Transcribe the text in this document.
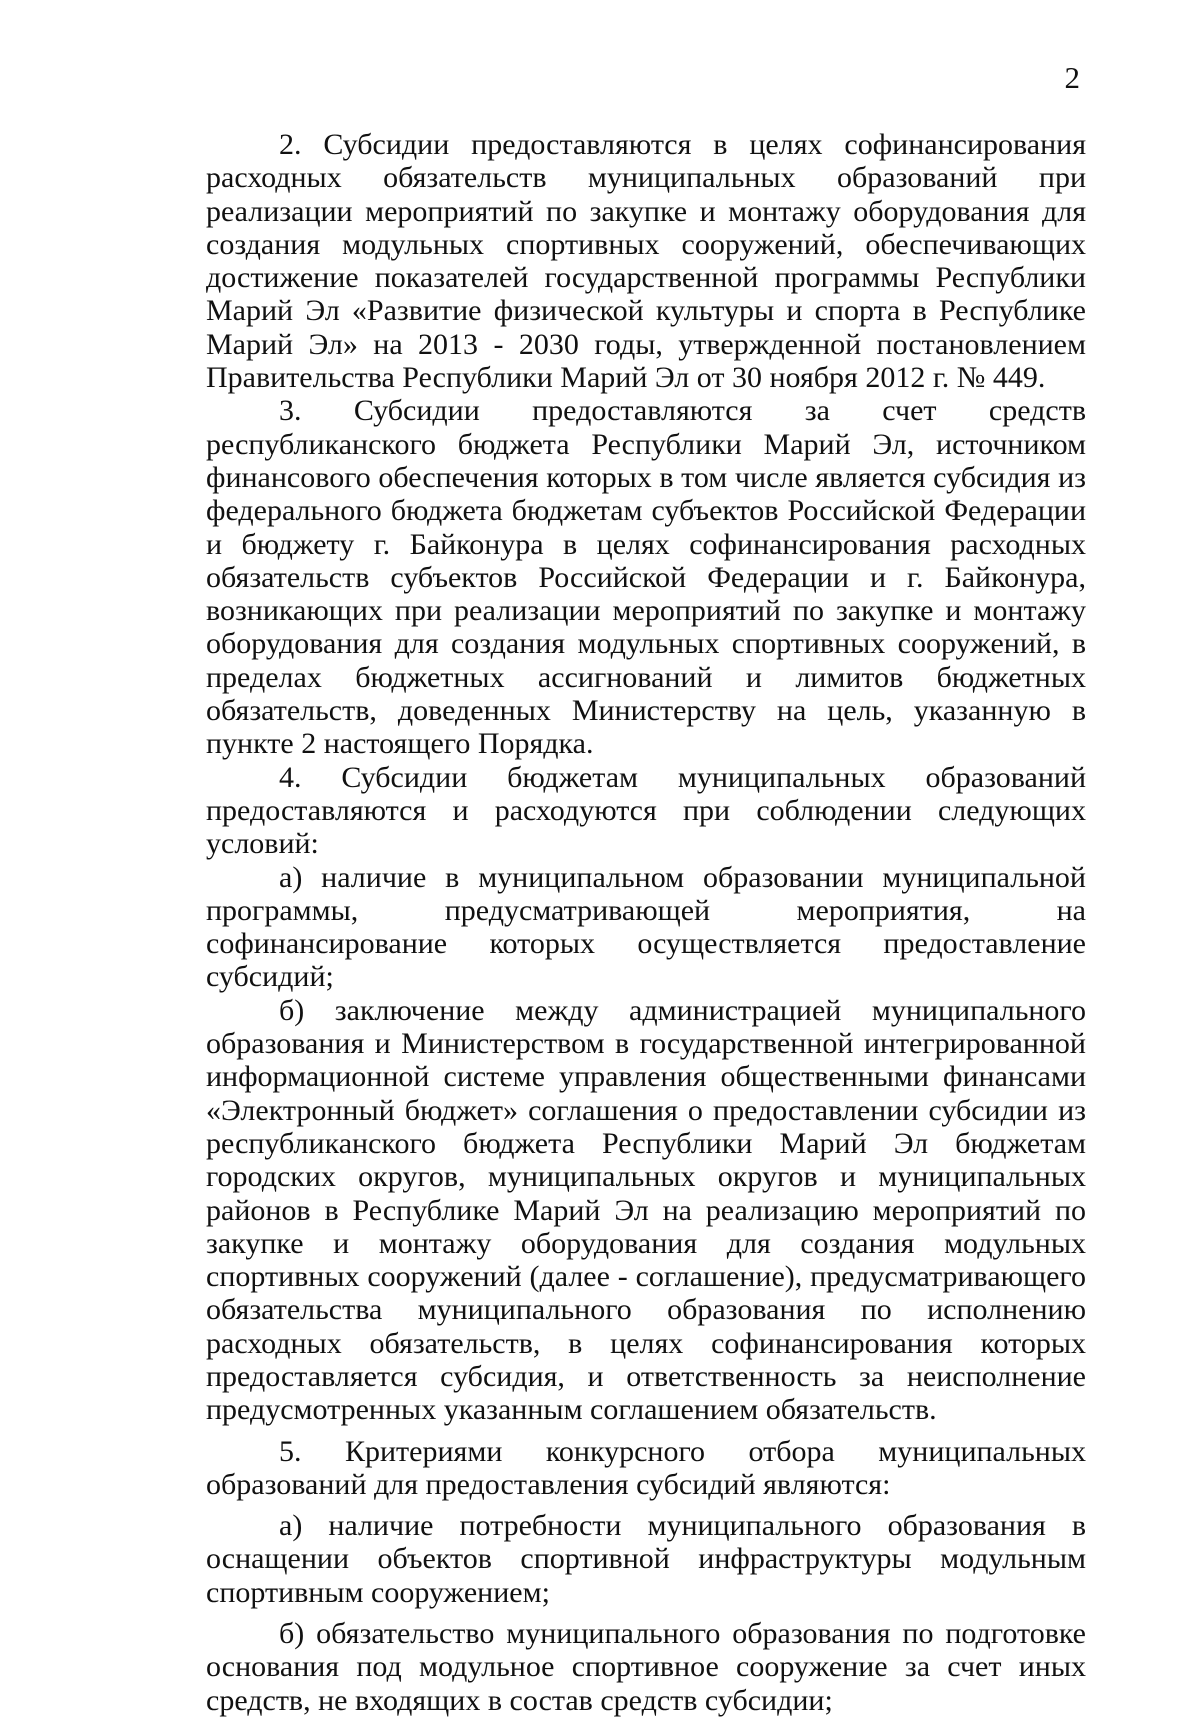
2

2. Субсидии предоставляются в целях софинансирования расходных обязательств муниципальных образований при реализации мероприятий по закупке и монтажу оборудования для создания модульных спортивных сооружений, обеспечивающих достижение показателей государственной программы Республики Марий Эл «Развитие физической культуры и спорта в Республике Марий Эл» на 2013 - 2030 годы, утвержденной постановлением Правительства Республики Марий Эл от 30 ноября 2012 г. № 449.

3. Субсидии предоставляются за счет средств республиканского бюджета Республики Марий Эл, источником финансового обеспечения которых в том числе является субсидия из федерального бюджета бюджетам субъектов Российской Федерации и бюджету г. Байконура в целях софинансирования расходных обязательств субъектов Российской Федерации и г. Байконура, возникающих при реализации мероприятий по закупке и монтажу оборудования для создания модульных спортивных сооружений, в пределах бюджетных ассигнований и лимитов бюджетных обязательств, доведенных Министерству на цель, указанную в пункте 2 настоящего Порядка.

4. Субсидии бюджетам муниципальных образований предоставляются и расходуются при соблюдении следующих условий:

а) наличие в муниципальном образовании муниципальной программы, предусматривающей мероприятия, на софинансирование которых осуществляется предоставление субсидий;

б) заключение между администрацией муниципального образования и Министерством в государственной интегрированной информационной системе управления общественными финансами «Электронный бюджет» соглашения о предоставлении субсидии из республиканского бюджета Республики Марий Эл бюджетам городских округов, муниципальных округов и муниципальных районов в Республике Марий Эл на реализацию мероприятий по закупке и монтажу оборудования для создания модульных спортивных сооружений (далее - соглашение), предусматривающего обязательства муниципального образования по исполнению расходных обязательств, в целях софинансирования которых предоставляется субсидия, и ответственность за неисполнение предусмотренных указанным соглашением обязательств.

5. Критериями конкурсного отбора муниципальных образований для предоставления субсидий являются:

а) наличие потребности муниципального образования в оснащении объектов спортивной инфраструктуры модульным спортивным сооружением;

б) обязательство муниципального образования по подготовке основания под модульное спортивное сооружение за счет иных средств, не входящих в состав средств субсидии;
